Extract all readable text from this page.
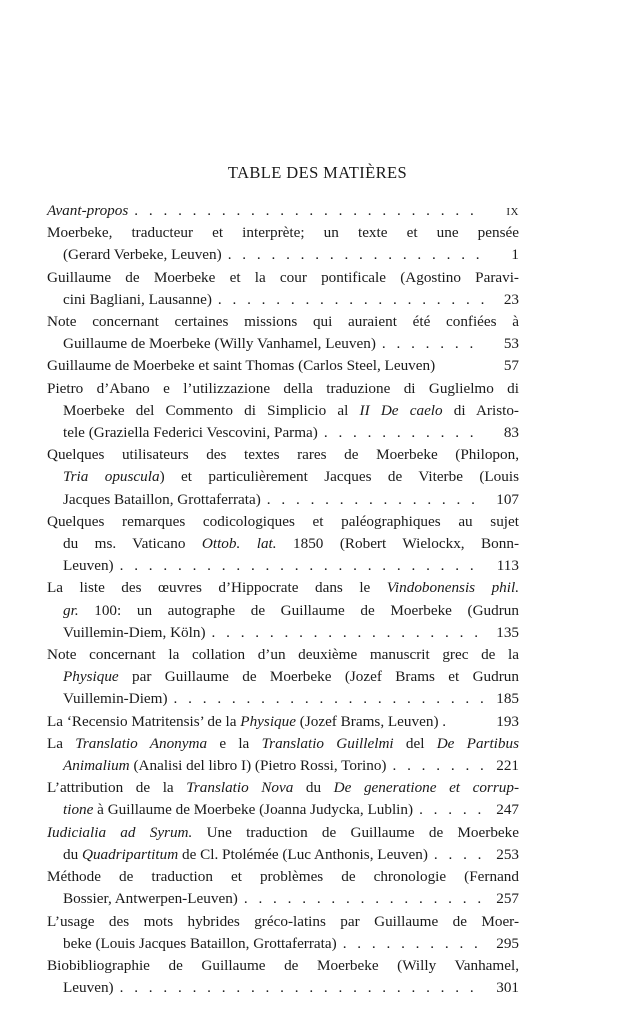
TABLE DES MATIÈRES
Avant-propos . . .	ix
Moerbeke, traducteur et interprète; un texte et une pensée
(Gerard Verbeke, Leuven) . . .	1
Guillaume de Moerbeke et la cour pontificale (Agostino Paravi-
cini Bagliani, Lausanne) . . .	23
Note concernant certaines missions qui auraient été confiées à
Guillaume de Moerbeke (Willy Vanhamel, Leuven) . . .	53
Guillaume de Moerbeke et saint Thomas (Carlos Steel, Leuven)	57
Pietro d’Abano e l’utilizzazione della traduzione di Guglielmo di
Moerbeke del Commento di Simplicio al II De caelo di Aristo-
tele (Graziella Federici Vescovini, Parma) . . .	83
Quelques utilisateurs des textes rares de Moerbeke (Philopon,
Tria opuscula) et particulièrement Jacques de Viterbe (Louis
Jacques Bataillon, Grottaferrata) . . .	107
Quelques remarques codicologiques et paléographiques au sujet
du ms. Vaticano Ottob. lat. 1850 (Robert Wielockx, Bonn-
Leuven) . . .	113
La liste des œuvres d’Hippocrate dans le Vindobonensis phil.
gr. 100: un autographe de Guillaume de Moerbeke (Gudrun
Vuillemin-Diem, Köln) . . .	135
Note concernant la collation d’un deuxième manuscrit grec de la
Physique par Guillaume de Moerbeke (Jozef Brams et Gudrun
Vuillemin-Diem) . . .	185
La ‘Recensio Matritensis’ de la Physique (Jozef Brams, Leuven) .	193
La Translatio Anonyma e la Translatio Guillelmi del De Partibus
Animalium (Analisi del libro I) (Pietro Rossi, Torino) . . .	221
L’attribution de la Translatio Nova du De generatione et corrup-
tione à Guillaume de Moerbeke (Joanna Judycka, Lublin) . . .	247
Iudicialia ad Syrum. Une traduction de Guillaume de Moerbeke
du Quadripartitum de Cl. Ptolémée (Luc Anthonis, Leuven) . . .	253
Méthode de traduction et problèmes de chronologie (Fernand
Bossier, Antwerpen-Leuven) . . .	257
L’usage des mots hybrides gréco-latins par Guillaume de Moer-
beke (Louis Jacques Bataillon, Grottaferrata) . . .	295
Biobibliographie de Guillaume de Moerbeke (Willy Vanhamel,
Leuven) . . .	301
